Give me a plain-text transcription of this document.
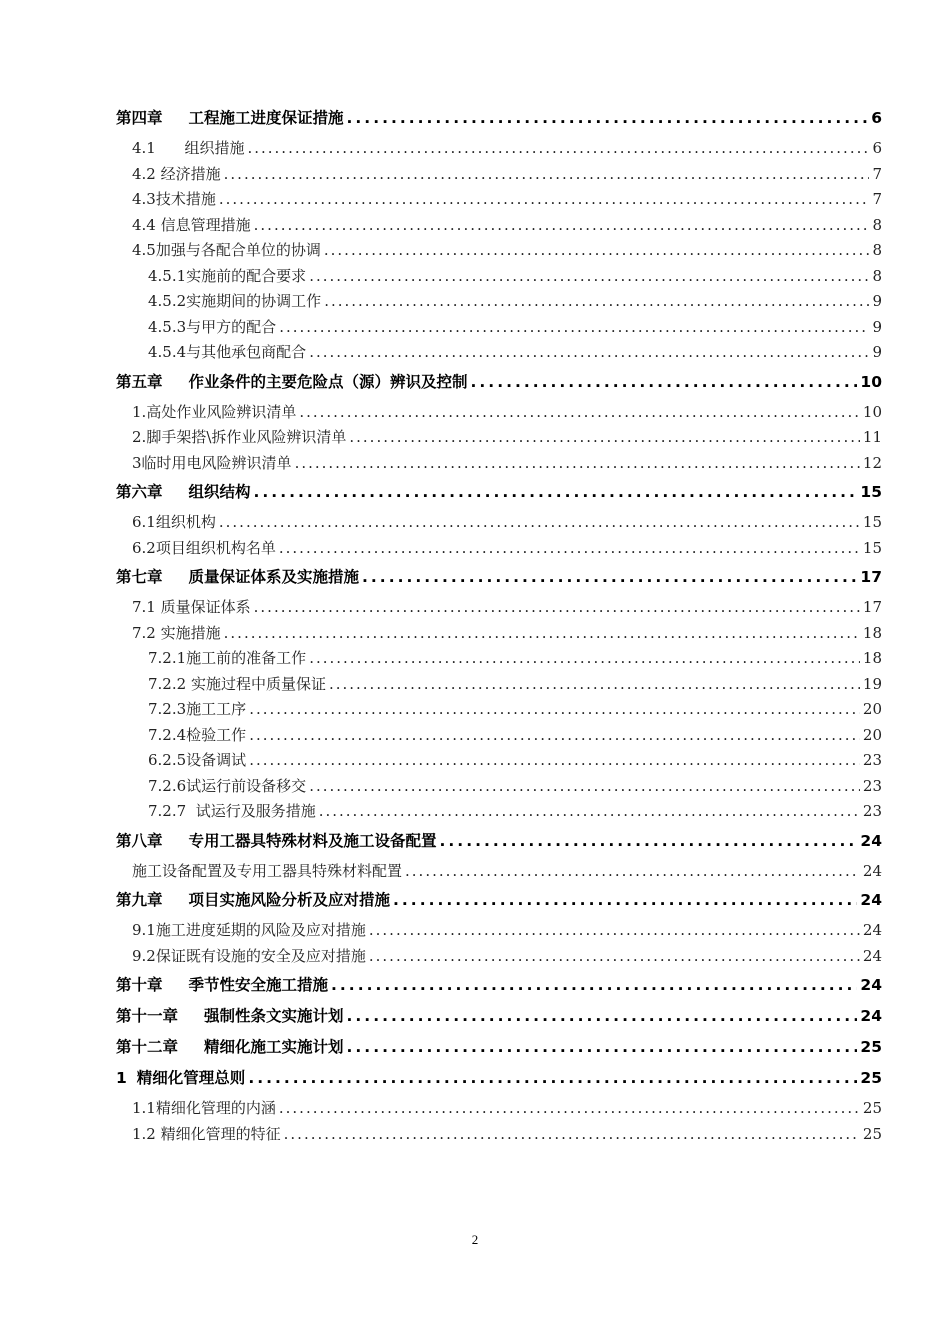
第四章 工程施工进度保证措施 .....	6
4.1      组织措施 .....	6
4.2 经济措施 .....	7
4.3技术措施 .....	7
4.4 信息管理措施 .....	8
4.5加强与各配合单位的协调 .....	8
4.5.1实施前的配合要求 .....	8
4.5.2实施期间的协调工作 .....	9
4.5.3与甲方的配合 .....	9
4.5.4与其他承包商配合 .....	9
第五章 作业条件的主要危险点（源）辨识及控制 .....	10
1.高处作业风险辨识清单 .....	10
2.脚手架搭\拆作业风险辨识清单 .....	11
3临时用电风险辨识清单 .....	12
第六章 组织结构 .....	15
6.1组织机构 .....	15
6.2项目组织机构名单 .....	15
第七章 质量保证体系及实施措施 .....	17
7.1 质量保证体系 .....	17
7.2 实施措施 .....	18
7.2.1施工前的准备工作 .....	18
7.2.2 实施过程中质量保证 .....	19
7.2.3施工工序 .....	20
7.2.4检验工作 .....	20
6.2.5设备调试 .....	23
7.2.6试运行前设备移交 .....	23
7.2.7  试运行及服务措施 .....	23
第八章 专用工器具特殊材料及施工设备配置 .....	24
施工设备配置及专用工器具特殊材料配置 .....	24
第九章 项目实施风险分析及应对措施 .....	24
9.1施工进度延期的风险及应对措施 .....	24
9.2保证既有设施的安全及应对措施 .....	24
第十章 季节性安全施工措施 .....	24
第十一章 强制性条文实施计划 .....	24
第十二章 精细化施工实施计划 .....	25
1 精细化管理总则 .....	25
1.1精细化管理的内涵 .....	25
1.2 精细化管理的特征 .....	25
2
